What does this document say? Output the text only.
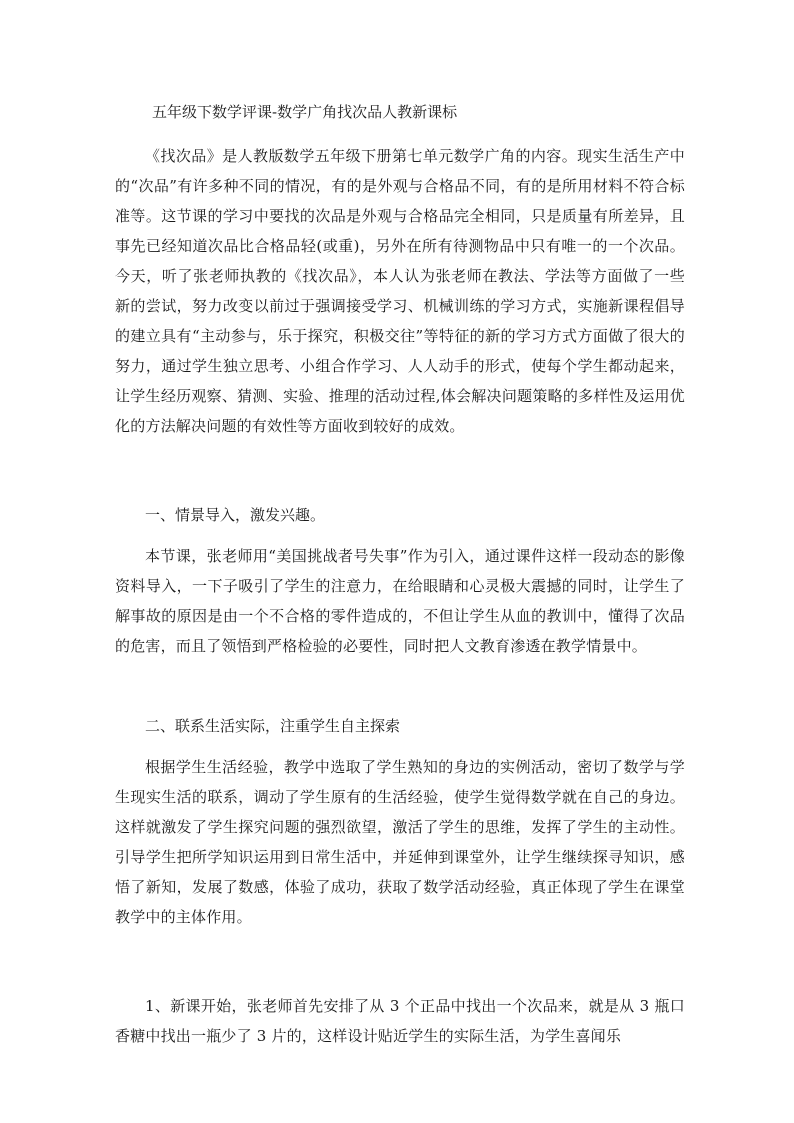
五年级下数学评课-数学广角找次品人教新课标

《找次品》是人教版数学五年级下册第七单元数学广角的内容。现实生活生产中的“次品”有许多种不同的情况，有的是外观与合格品不同，有的是所用材料不符合标准等。这节课的学习中要找的次品是外观与合格品完全相同，只是质量有所差异，且事先已经知道次品比合格品轻(或重)，另外在所有待测物品中只有唯一的一个次品。今天，听了张老师执教的《找次品》，本人认为张老师在教法、学法等方面做了一些新的尝试，努力改变以前过于强调接受学习、机械训练的学习方式，实施新课程倡导的建立具有“主动参与，乐于探究，积极交往”等特征的新的学习方式方面做了很大的努力，通过学生独立思考、小组合作学习、人人动手的形式，使每个学生都动起来，让学生经历观察、猜测、实验、推理的活动过程,体会解决问题策略的多样性及运用优化的方法解决问题的有效性等方面收到较好的成效。

一、情景导入，激发兴趣。

本节课，张老师用“美国挑战者号失事”作为引入，通过课件这样一段动态的影像资料导入，一下子吸引了学生的注意力，在给眼睛和心灵极大震撼的同时，让学生了解事故的原因是由一个不合格的零件造成的，不但让学生从血的教训中，懂得了次品的危害，而且了领悟到严格检验的必要性，同时把人文教育渗透在教学情景中。

二、联系生活实际，注重学生自主探索

根据学生生活经验，教学中选取了学生熟知的身边的实例活动，密切了数学与学生现实生活的联系，调动了学生原有的生活经验，使学生觉得数学就在自己的身边。这样就激发了学生探究问题的强烈欲望，激活了学生的思维，发挥了学生的主动性。引导学生把所学知识运用到日常生活中，并延伸到课堂外，让学生继续探寻知识，感悟了新知，发展了数感，体验了成功，获取了数学活动经验，真正体现了学生在课堂教学中的主体作用。

1、新课开始，张老师首先安排了从 3 个正品中找出一个次品来，就是从 3 瓶口香糖中找出一瓶少了 3 片的，这样设计贴近学生的实际生活，为学生喜闻乐
